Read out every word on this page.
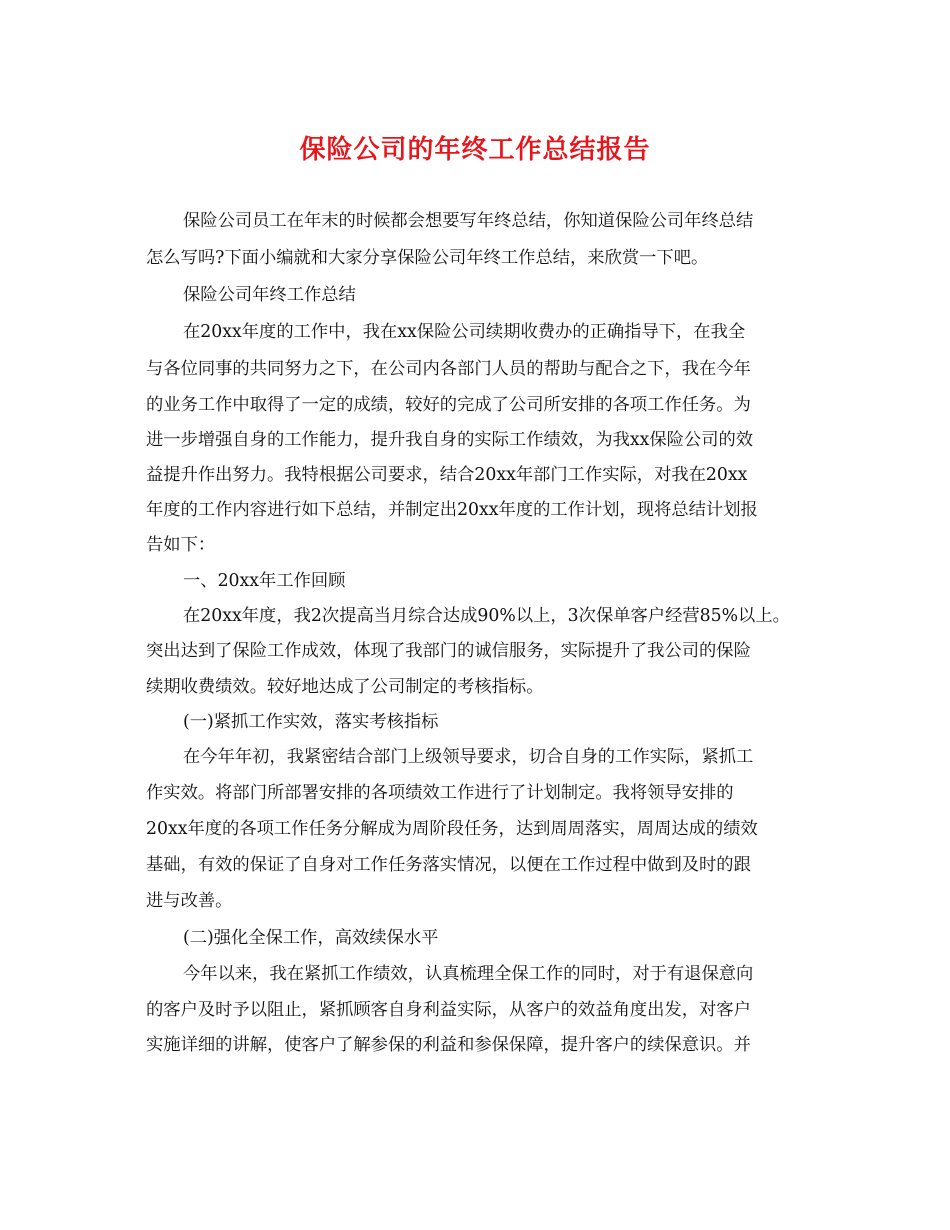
保险公司的年终工作总结报告
保险公司员工在年末的时候都会想要写年终总结，你知道保险公司年终总结
怎么写吗?下面小编就和大家分享保险公司年终工作总结，来欣赏一下吧。
保险公司年终工作总结
在20xx年度的工作中，我在xx保险公司续期收费办的正确指导下，在我全
与各位同事的共同努力之下，在公司内各部门人员的帮助与配合之下，我在今年
的业务工作中取得了一定的成绩，较好的完成了公司所安排的各项工作任务。为
进一步增强自身的工作能力，提升我自身的实际工作绩效，为我xx保险公司的效
益提升作出努力。我特根据公司要求，结合20xx年部门工作实际，对我在20xx
年度的工作内容进行如下总结，并制定出20xx年度的工作计划，现将总结计划报
告如下：
一、20xx年工作回顾
在20xx年度，我2次提高当月综合达成90%以上，3次保单客户经营85%以上。
突出达到了保险工作成效，体现了我部门的诚信服务，实际提升了我公司的保险
续期收费绩效。较好地达成了公司制定的考核指标。
(一)紧抓工作实效，落实考核指标
在今年年初，我紧密结合部门上级领导要求，切合自身的工作实际，紧抓工
作实效。将部门所部署安排的各项绩效工作进行了计划制定。我将领导安排的
20xx年度的各项工作任务分解成为周阶段任务，达到周周落实，周周达成的绩效
基础，有效的保证了自身对工作任务落实情况，以便在工作过程中做到及时的跟
进与改善。
(二)强化全保工作，高效续保水平
今年以来，我在紧抓工作绩效，认真梳理全保工作的同时，对于有退保意向
的客户及时予以阻止，紧抓顾客自身利益实际，从客户的效益角度出发，对客户
实施详细的讲解，使客户了解参保的利益和参保保障，提升客户的续保意识。并
